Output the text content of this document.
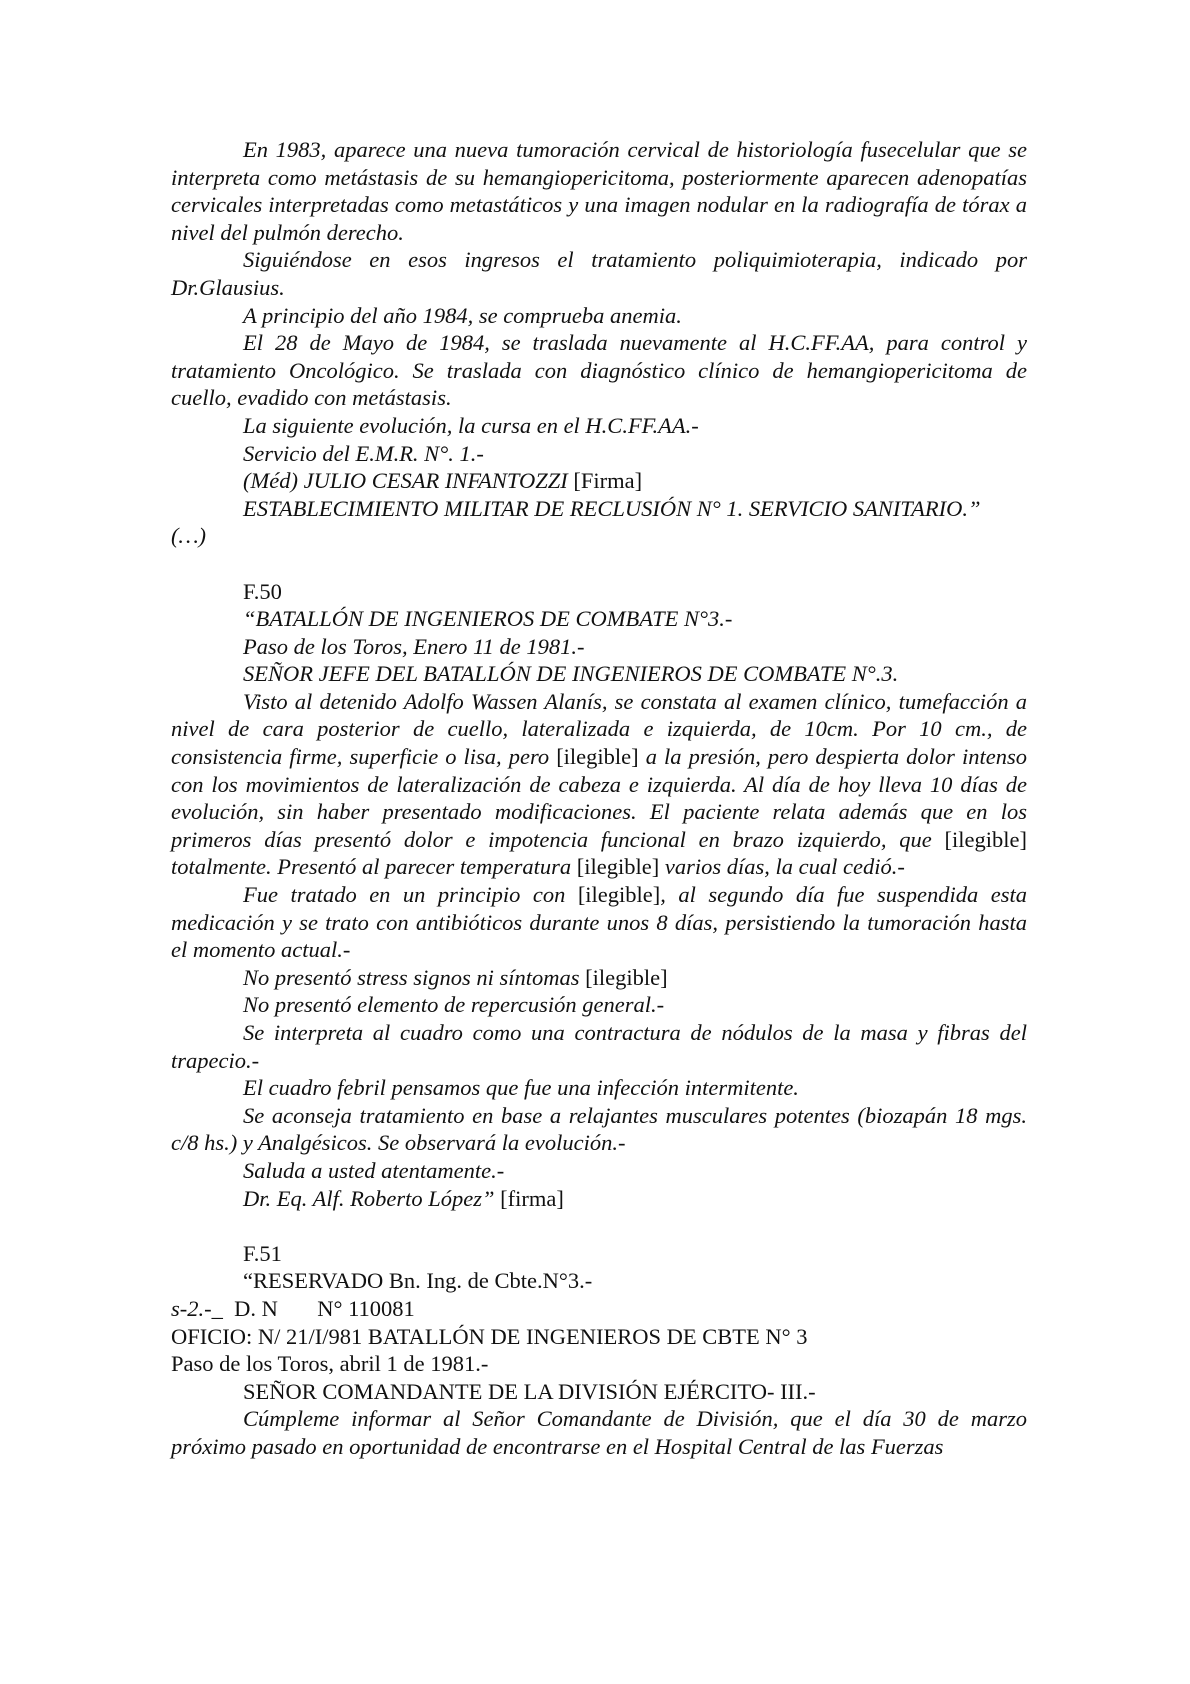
En 1983, aparece una nueva tumoración cervical de historiología fusecelular que se interpreta como metástasis de su hemangiopericitoma, posteriormente aparecen adenopatías cervicales interpretadas como metastáticos y una imagen nodular en la radiografía de tórax a nivel del pulmón derecho.

Siguiéndose en esos ingresos el tratamiento poliquimioterapia, indicado por Dr.Glausius.

A principio del año 1984, se comprueba anemia.

El 28 de Mayo de 1984, se traslada nuevamente al H.C.FF.AA, para control y tratamiento Oncológico. Se traslada con diagnóstico clínico de hemangiopericitoma de cuello, evadido con metástasis.

La siguiente evolución, la cursa en el H.C.FF.AA.-

Servicio del E.M.R. N°. 1.-

(Méd) JULIO CESAR INFANTOZZI [Firma]

ESTABLECIMIENTO MILITAR DE RECLUSIÓN N° 1. SERVICIO SANITARIO.”

(…)

F.50

“BATALLÓN DE INGENIEROS DE COMBATE N°3.-

Paso de los Toros, Enero 11 de 1981.-

SEÑOR JEFE DEL BATALLÓN DE INGENIEROS DE COMBATE N°.3.

Visto al detenido Adolfo Wassen Alanís, se constata al examen clínico, tumefacción a nivel de cara posterior de cuello, lateralizada e izquierda, de 10cm. Por 10 cm., de consistencia firme, superficie o lisa, pero [ilegible] a la presión, pero despierta dolor intenso con los movimientos de lateralización de cabeza e izquierda. Al día de hoy lleva 10 días de evolución, sin haber presentado modificaciones. El paciente relata además que en los primeros días presentó dolor e impotencia funcional en brazo izquierdo, que [ilegible] totalmente. Presentó al parecer temperatura [ilegible] varios días, la cual cedió.-

Fue tratado en un principio con [ilegible], al segundo día fue suspendida esta medicación y se trato con antibióticos durante unos 8 días, persistiendo la tumoración hasta el momento actual.-

No presentó stress signos ni síntomas [ilegible]

No presentó elemento de repercusión general.-

Se interpreta al cuadro como una contractura de nódulos de la masa y fibras del trapecio.-

El cuadro febril pensamos que fue una infección intermitente.

Se aconseja tratamiento en base a relajantes musculares potentes (biozapán 18 mgs. c/8 hs.) y Analgésicos. Se observará la evolución.-

Saluda a usted atentamente.-

Dr. Eq. Alf. Roberto López” [firma]

F.51

“RESERVADO Bn. Ing. de Cbte.N°3.-

s-2.-_  D. N       N° 110081

OFICIO: N/ 21/I/981 BATALLÓN DE INGENIEROS DE CBTE N° 3

Paso de los Toros, abril 1 de 1981.-

SEÑOR COMANDANTE DE LA DIVISIÓN EJÉRCITO- III.-

Cúmpleme informar al Señor Comandante de División, que el día 30 de marzo próximo pasado en oportunidad de encontrarse en el Hospital Central de las Fuerzas
